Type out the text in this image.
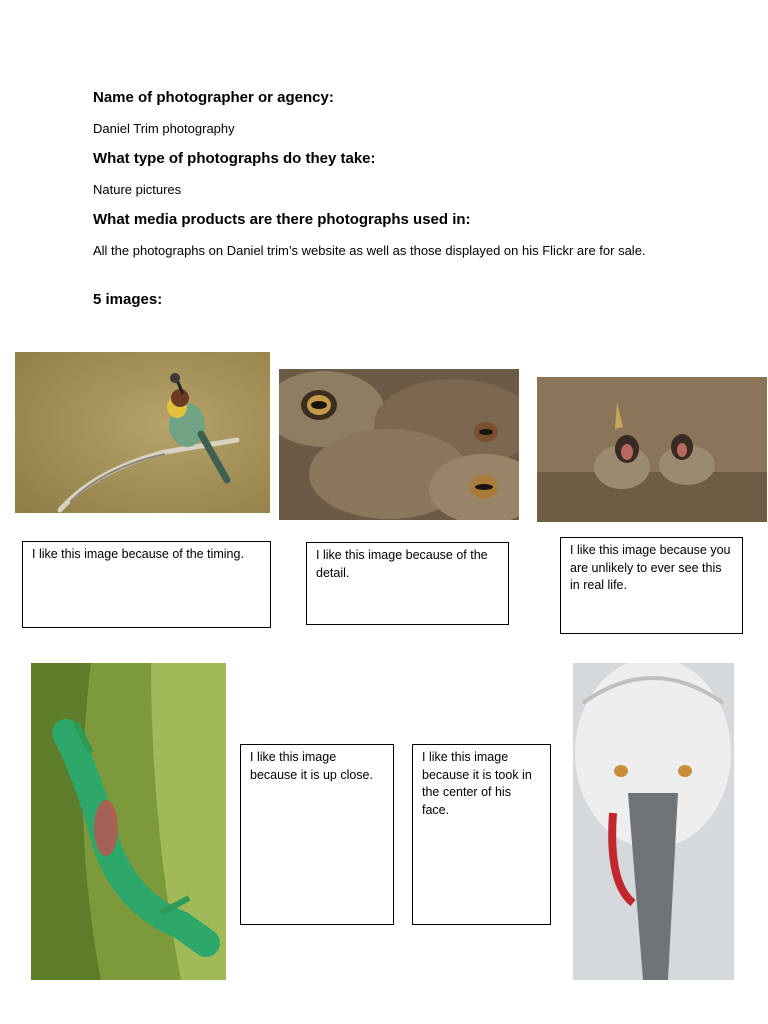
Name of photographer or agency:
Daniel Trim photography
What type of photographs do they take:
Nature pictures
What media products are there photographs used in:
All the photographs on Daniel trim’s website as well as those displayed on his Flickr are for sale.
5 images:
I like this image because of the timing.	I like this image because of the detail.
I like this image because you are unlikely to ever see this in real life.
I like this image because it is up close.
I like this image because it is took in the center of his face.
